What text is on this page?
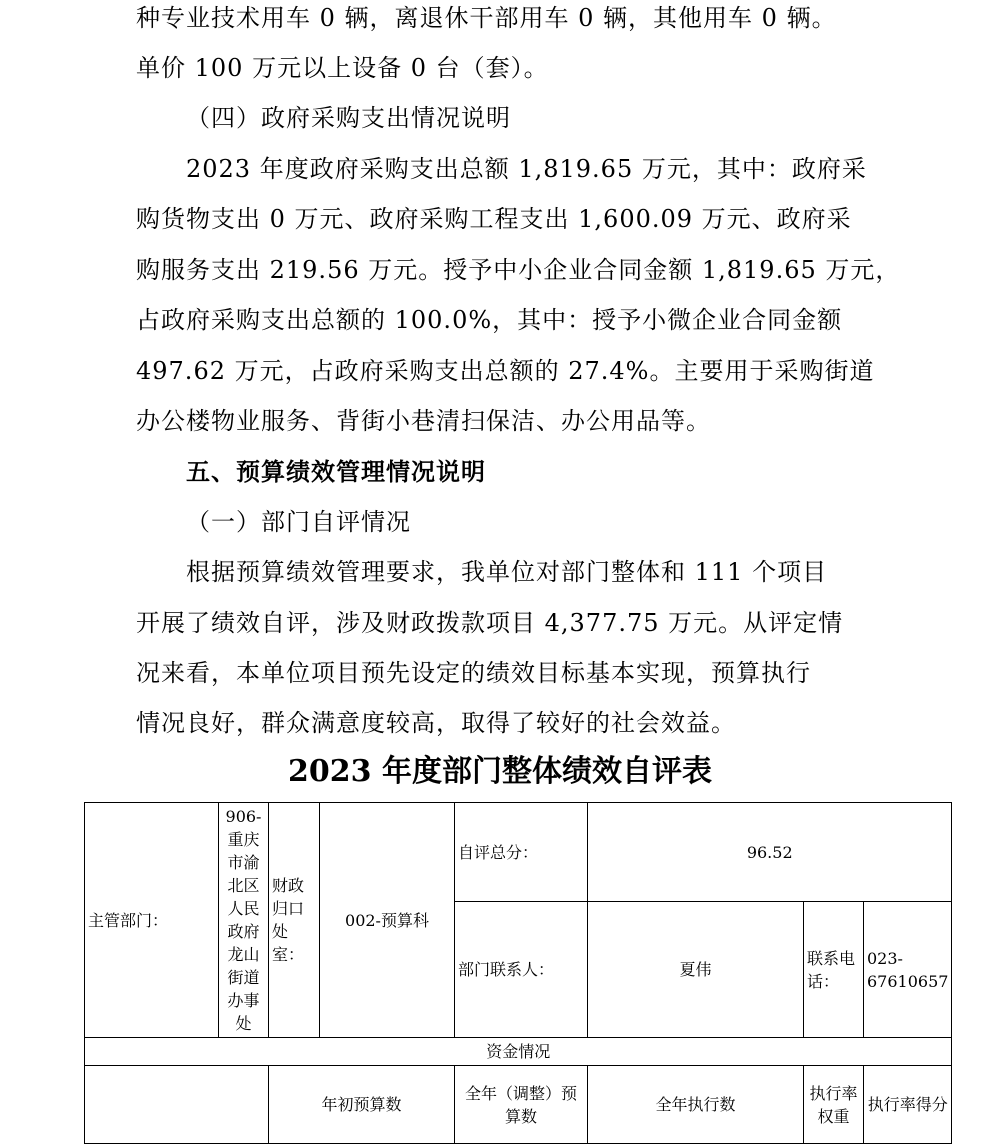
种专业技术用车 0 辆，离退休干部用车 0 辆，其他用车 0 辆。
单价 100 万元以上设备 0 台（套）。
（四）政府采购支出情况说明
2023 年度政府采购支出总额 1,819.65 万元，其中：政府采
购货物支出 0 万元、政府采购工程支出 1,600.09 万元、政府采
购服务支出 219.56 万元。授予中小企业合同金额 1,819.65 万元，
占政府采购支出总额的 100.0%，其中：授予小微企业合同金额
497.62 万元，占政府采购支出总额的 27.4%。主要用于采购街道
办公楼物业服务、背街小巷清扫保洁、办公用品等。
五、预算绩效管理情况说明
（一）部门自评情况
根据预算绩效管理要求，我单位对部门整体和 111 个项目
开展了绩效自评，涉及财政拨款项目 4,377.75 万元。从评定情
况来看，本单位项目预先设定的绩效目标基本实现，预算执行
情况良好，群众满意度较高，取得了较好的社会效益。
2023 年度部门整体绩效自评表
主管部门：	906-重庆市渝北区人民政府龙山街道办事处	财政归口处室：	002-预算科	自评总分：	96.52		
				部门联系人：	夏伟	联系电话：	023-67610657
资金情况							
		年初预算数		全年（调整）预算数	全年执行数	执行率权重	执行率得分
